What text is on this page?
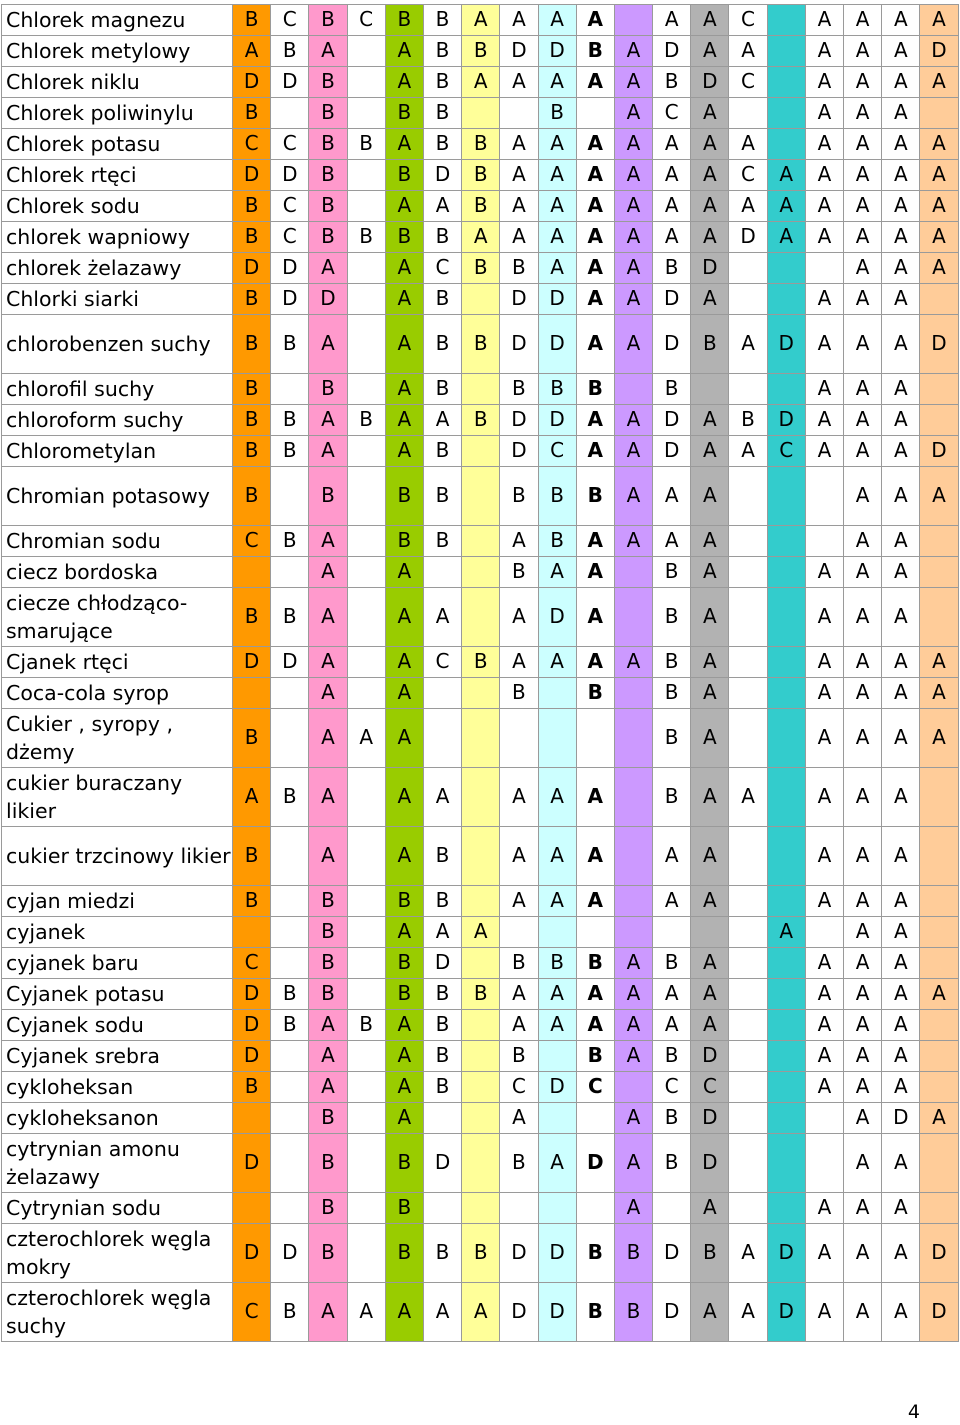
Chlorek magnezu	B	C	B	C	B	B	A	A	A	A		A	A	C		A	A	A	A
Chlorek metylowy	A	B	A		A	B	B	D	D	B	A	D	A	A		A	A	A	D
Chlorek niklu	D	D	B		A	B	A	A	A	A	A	B	D	C		A	A	A	A
Chlorek poliwinylu	B		B		B	B			B		A	C	A			A	A	A	
Chlorek potasu	C	C	B	B	A	B	B	A	A	A	A	A	A	A		A	A	A	A
Chlorek rtęci	D	D	B		B	D	B	A	A	A	A	A	A	C	A	A	A	A	A
Chlorek sodu	B	C	B		A	A	B	A	A	A	A	A	A	A	A	A	A	A	A
chlorek wapniowy	B	C	B	B	B	B	A	A	A	A	A	A	A	D	A	A	A	A	A
chlorek żelazawy	D	D	A		A	C	B	B	A	A	A	B	D				A	A	A
Chlorki siarki	B	D	D		A	B		D	D	A	A	D	A			A	A	A	
chlorobenzen suchy	B	B	A		A	B	B	D	D	A	A	D	B	A	D	A	A	A	D
chlorofil suchy	B		B		A	B		B	B	B		B				A	A	A	
chloroform suchy	B	B	A	B	A	A	B	D	D	A	A	D	A	B	D	A	A	A	
Chlorometylan	B	B	A		A	B		D	C	A	A	D	A	A	C	A	A	A	D
Chromian potasowy	B		B		B	B		B	B	B	A	A	A				A	A	A
Chromian sodu	C	B	A		B	B		A	B	A	A	A	A				A	A	
ciecz bordoska			A		A			B	A	A		B	A			A	A	A	
ciecze chłodząco-smarujące	B	B	A		A	A		A	D	A		B	A			A	A	A	
Cjanek rtęci	D	D	A		A	C	B	A	A	A	A	B	A			A	A	A	A
Coca-cola syrop			A		A			B		B		B	A			A	A	A	A
Cukier , syropy , dżemy	B		A	A	A							B	A			A	A	A	A
cukier buraczany likier	A	B	A		A	A		A	A	A		B	A	A		A	A	A	
cukier trzcinowy likier	B		A		A	B		A	A	A		A	A			A	A	A	
cyjan miedzi	B		B		B	B		A	A	A		A	A			A	A	A	
cyjanek			B		A	A	A								A		A	A	
cyjanek baru	C		B		B	D		B	B	B	A	B	A			A	A	A	
Cyjanek potasu	D	B	B		B	B	B	A	A	A	A	A	A			A	A	A	A
Cyjanek sodu	D	B	A	B	A	B		A	A	A	A	A	A			A	A	A	
Cyjanek srebra	D		A		A	B		B		B	A	B	D			A	A	A	
cykloheksan	B		A		A	B		C	D	C		C	C			A	A	A	
cykloheksanon			B		A			A			A	B	D				A	D	A
cytrynian amonu żelazawy	D		B		B	D		B	A	D	A	B	D				A	A	
Cytrynian sodu			B		B						A		A			A	A	A	
czterochlorek węgla mokry	D	D	B		B	B	B	D	D	B	B	D	B	A	D	A	A	A	D
czterochlorek węgla suchy	C	B	A	A	A	A	A	D	D	B	B	D	A	A	D	A	A	A	D
4
